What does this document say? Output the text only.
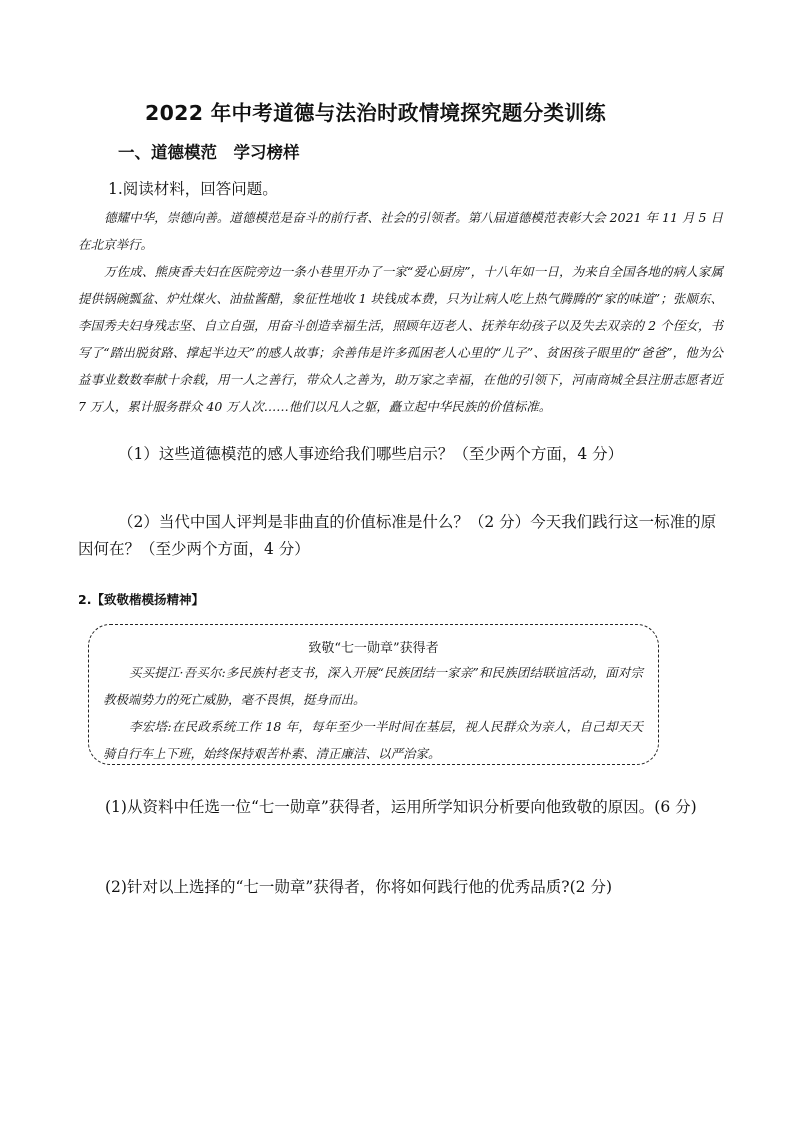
2022 年中考道德与法治时政情境探究题分类训练
一、道德模范　学习榜样
1.阅读材料，回答问题。
德耀中华，崇德向善。道德模范是奋斗的前行者、社会的引领者。第八届道德模范表彰大会 2021 年 11 月 5 日在北京举行。
万佐成、熊庚香夫妇在医院旁边一条小巷里开办了一家“爱心厨房”，十八年如一日，为来自全国各地的病人家属提供锅碗瓢盆、炉灶煤火、油盐酱醋，象征性地收 1 块钱成本费，只为让病人吃上热气腾腾的“家的味道”；张顺东、李国秀夫妇身残志坚、自立自强，用奋斗创造幸福生活，照顾年迈老人、抚养年幼孩子以及失去双亲的 2 个侄女，书写了“踏出脱贫路、撑起半边天”的感人故事；余善伟是许多孤困老人心里的“儿子”、贫困孩子眼里的“爸爸”，他为公益事业数数奉献十余载，用一人之善行，带众人之善为，助万家之幸福，在他的引领下，河南商城全县注册志愿者近 7 万人，累计服务群众 40 万人次……他们以凡人之躯，矗立起中华民族的价值标准。
（1）这些道德模范的感人事迹给我们哪些启示？（至少两个方面，4 分）
（2）当代中国人评判是非曲直的价值标准是什么？（2 分）今天我们践行这一标准的原因何在？（至少两个方面，4 分）
2.【致敬楷模扬精神】
致敬“七一勋章”获得者
买买提江·吾买尔:多民族村老支书，深入开展“民族团结一家亲”和民族团结联谊活动，面对宗教极端势力的死亡威胁，毫不畏惧，挺身而出。
李宏塔:在民政系统工作 18 年，每年至少一半时间在基层，视人民群众为亲人，自己却天天骑自行车上下班，始终保持艰苦朴素、清正廉洁、以严治家。
(1)从资料中任选一位“七一勋章”获得者，运用所学知识分析要向他致敬的原因。(6 分)
(2)针对以上选择的“七一勋章”获得者，你将如何践行他的优秀品质?(2 分)
